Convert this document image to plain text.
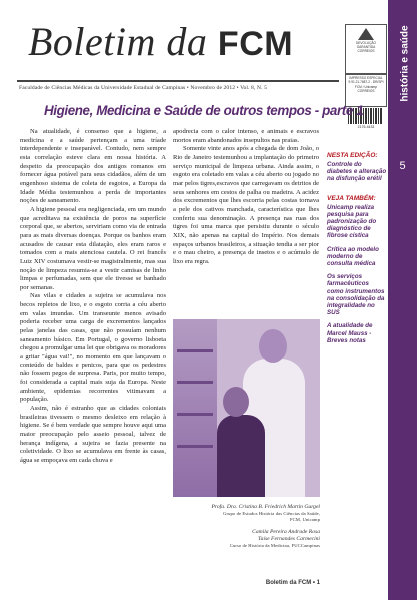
Boletim da FCM
Faculdade de Ciências Médicas da Universidade Estadual de Campinas • Novembro de 2012 • Vol. 8, N. 5
DEVOLUÇÃO
GARANTIDA
CORREIOS
IMPRESSO ESPECIAL
9.91.21.7687-2 - DR/SPI
FCM / Unicamp
CORREIOS
2176-4433
história e saúde
5
Higiene, Medicina e Saúde de outros tempos - parte 1

Na atualidade, é consenso que a higiene, a medicina e a saúde pertençam a uma tríade interdependente e inseparável. Contudo, nem sempre esta correlação esteve clara em nossa história. A despeito da preocupação dos antigos romanos em fornecer água potável para seus cidadãos, além de um engenhoso sistema de coleta de esgotos, a Europa da Idade Média testemunhou a perda de importantes noções de saneamento.

A higiene pessoal era negligenciada, em um mundo que acreditava na existência de poros na superfície corporal que, se abertos, serviriam como via de entrada para as mais diversas doenças. Porque os banhos eram acusados de causar esta dilatação, eles eram raros e tomados com a mais atenciosa cautela. O rei francês Luiz XIV costumava vestir-se magistralmente, mas sua noção de limpeza resumia-se a vestir camisas de linho limpas e perfumadas, sem que ele tivesse se banhado por semanas.

Nas vilas e cidades a sujeira se acumulava nos becos repletos de lixo, e o esgoto corria a céu aberto em valas imundas. Um transeunte menos avisado poderia receber uma carga de excrementos lançados pelas janelas das casas, que não possuíam nenhum saneamento básico. Em Portugal, o governo lisboeta chegou a promulgar uma lei que obrigava os moradores a gritar "água vai!", no momento em que lançavam o conteúdo de baldes e penicos, para que os pedestres não fossem pegos de surpresa. Paris, por muito tempo, foi considerada a capital mais suja da Europa. Neste ambiente, epidemias recorrentes vitimavam a população.

Assim, não é estranho que as cidades coloniais brasileiras tivessem o mesmo desleixo em relação à higiene. Se é bem verdade que sempre houve aqui uma maior preocupação pelo asseio pessoal, talvez de herança indígena, a sujeira se fazia presente na coletividade. O lixo se acumulava em frente às casas, água se empoçava em cada chuva e

apodrecia com o calor intenso, e animais e escravos mortos eram abandonados insepultos nas praias.

Somente vinte anos após a chegada de dom João, o Rio de Janeiro testemunhou a implantação do primeiro serviço municipal de limpeza urbana. Ainda assim, o esgoto era coletado em valas a céu aberto ou jogado no mar pelos tigres,escravos que carregavam os detritos de seus senhores em cestos de palha ou madeira. A acidez dos excrementos que lhes escorria pelas costas tornava a pele dos cativos manchada, característica que lhes conferiu sua denominação. A presença nas ruas dos tigres foi uma marca que persistiu durante o século XIX, não apenas na capital do Império. Nos demais espaços urbanos brasileiros, a situação tendia a ser pior e o mau cheiro, a presença de insetos e o acúmulo de lixo era regra.

Profa. Dra. Cristina B. Friedrich Martin Gurgel
Grupo de Estudos História das Ciências da Saúde,
FCM, Unicamp
Camila Pereira Andrade Rosa
Taíse Fernandes Carmecini
Curso de História da Medicina, FUCCampinas
NESTA EDIÇÃO:
Controle do diabetes e alteração na disfunção erétil
VEJA TAMBÉM:
Unicamp realiza pesquisa para padronização do diagnóstico de fibrose cística
Crítica ao modelo moderno de consulta médica
Os serviços farmacêuticos como instrumentos na consolidação da integralidade no SUS
A atualidade de Marcel Mauss - Breves notas
Boletim da FCM • 1
